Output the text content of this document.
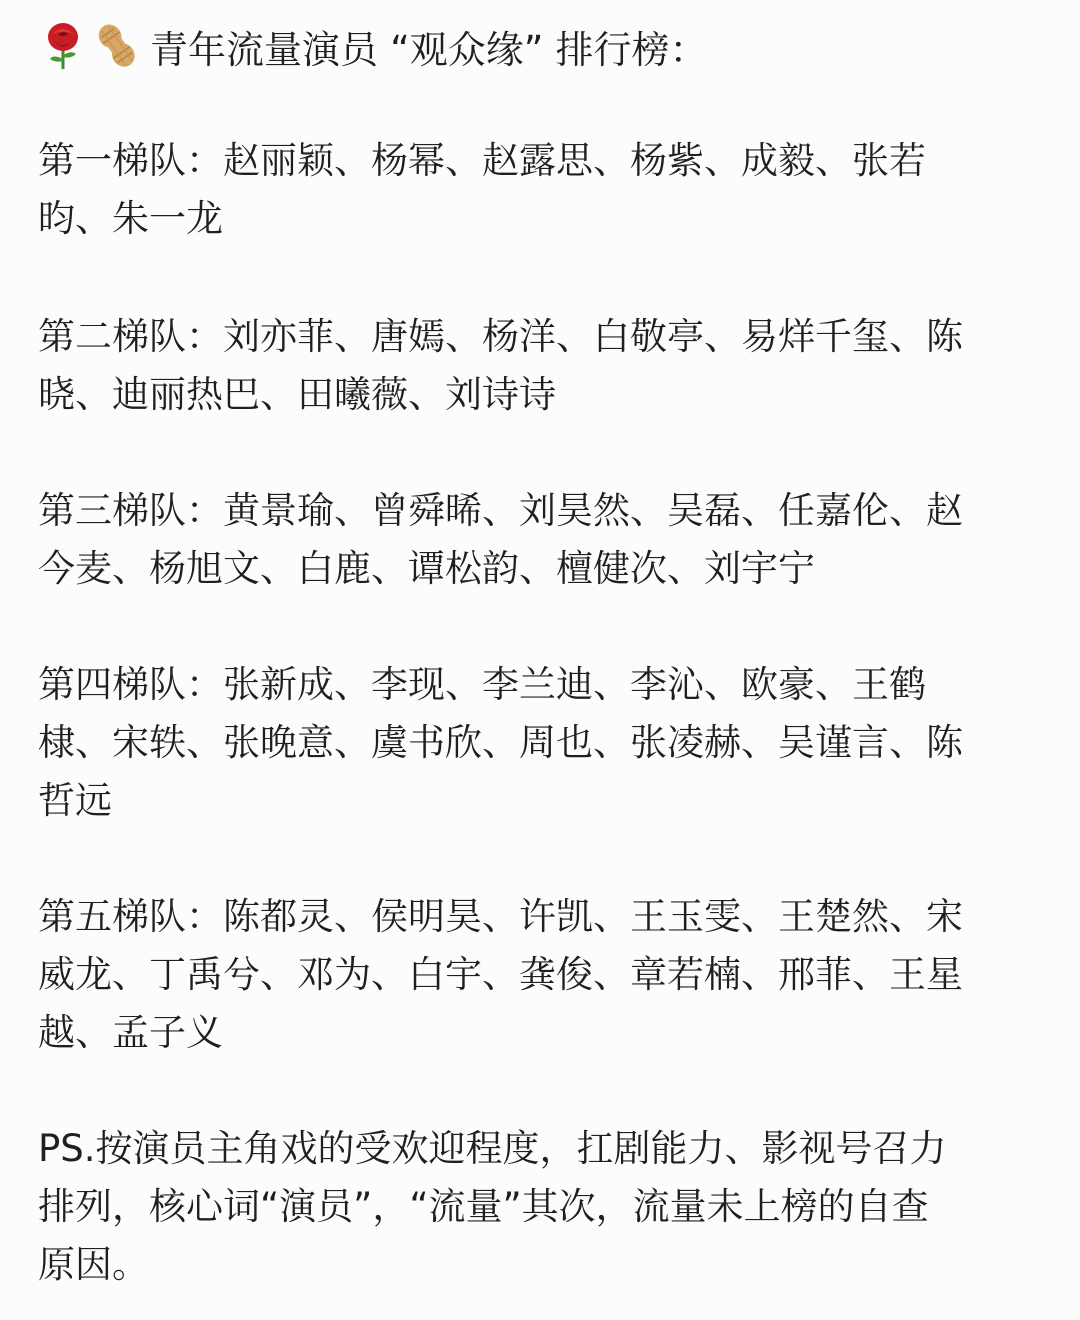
青年流量演员 “观众缘” 排行榜：
第一梯队：赵丽颖、杨幂、赵露思、杨紫、成毅、张若
昀、朱一龙
第二梯队：刘亦菲、唐嫣、杨洋、白敬亭、易烊千玺、陈
晓、迪丽热巴、田曦薇、刘诗诗
第三梯队：黄景瑜、曾舜晞、刘昊然、吴磊、任嘉伦、赵
今麦、杨旭文、白鹿、谭松韵、檀健次、刘宇宁
第四梯队：张新成、李现、李兰迪、李沁、欧豪、王鹤
棣、宋轶、张晚意、虞书欣、周也、张凌赫、吴谨言、陈
哲远
第五梯队：陈都灵、侯明昊、许凯、王玉雯、王楚然、宋
威龙、丁禹兮、邓为、白宇、龚俊、章若楠、邢菲、王星
越、孟子义
PS.按演员主角戏的受欢迎程度，扛剧能力、影视号召力
排列，核心词“演员”，“流量”其次，流量未上榜的自查
原因。
